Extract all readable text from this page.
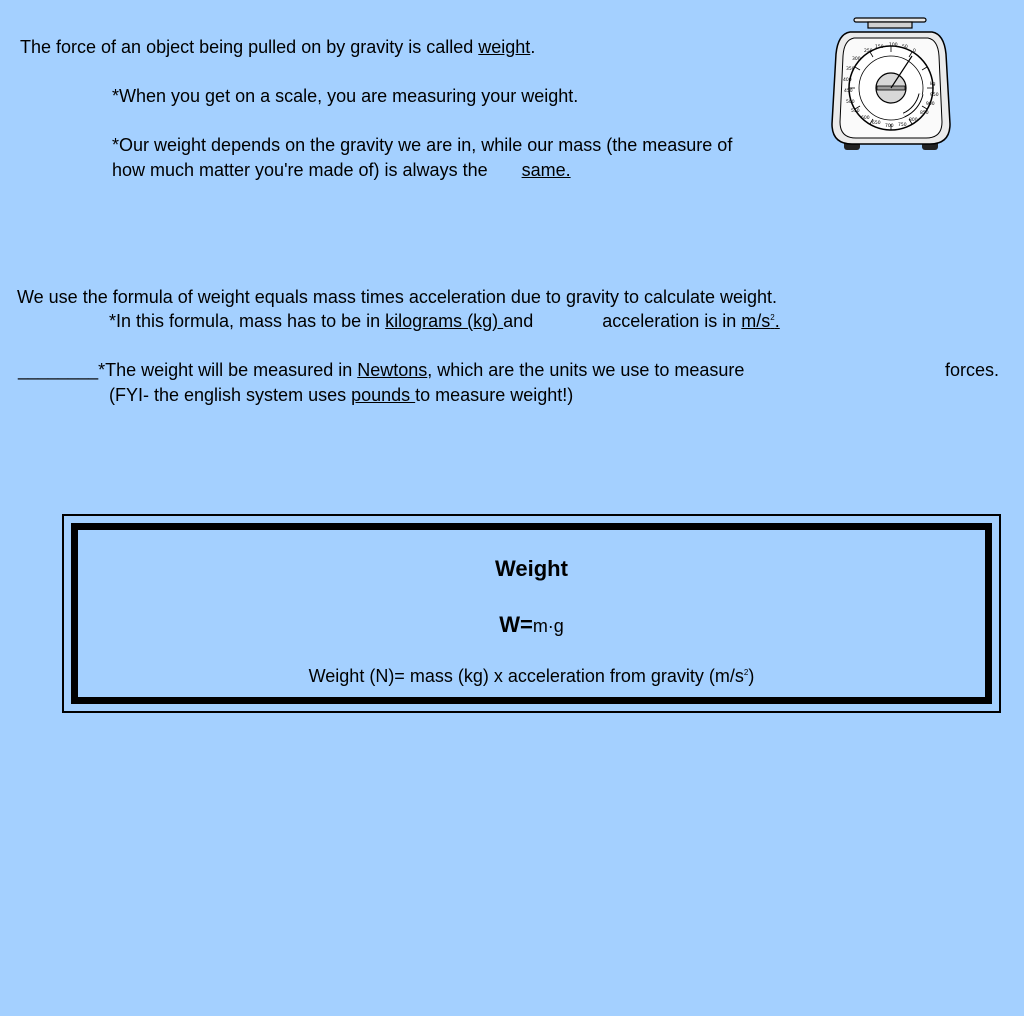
The force of an object being pulled on by gravity is called weight.
*When you get on a scale, you are measuring your weight.
*Our weight depends on the gravity we are in, while our mass (the measure of
how much matter you're made of) is always the same.
250
150 100 50
0
300
350
400
450
500
550
600
650
700 750
800
850
900
950
kg
We use the formula of weight equals mass times acceleration due to gravity to calculate weight.
*In this formula, mass has to be in kilograms (kg) and	acceleration is in $m/s^2$.
________*The weight will be measured in Newtons, which are the units we use to measure	forces.
(FYI- the english system uses pounds to measure weight!)
Weight
W=m·g
Weight (N)= mass (kg) x acceleration from gravity $(m/s^2)$
